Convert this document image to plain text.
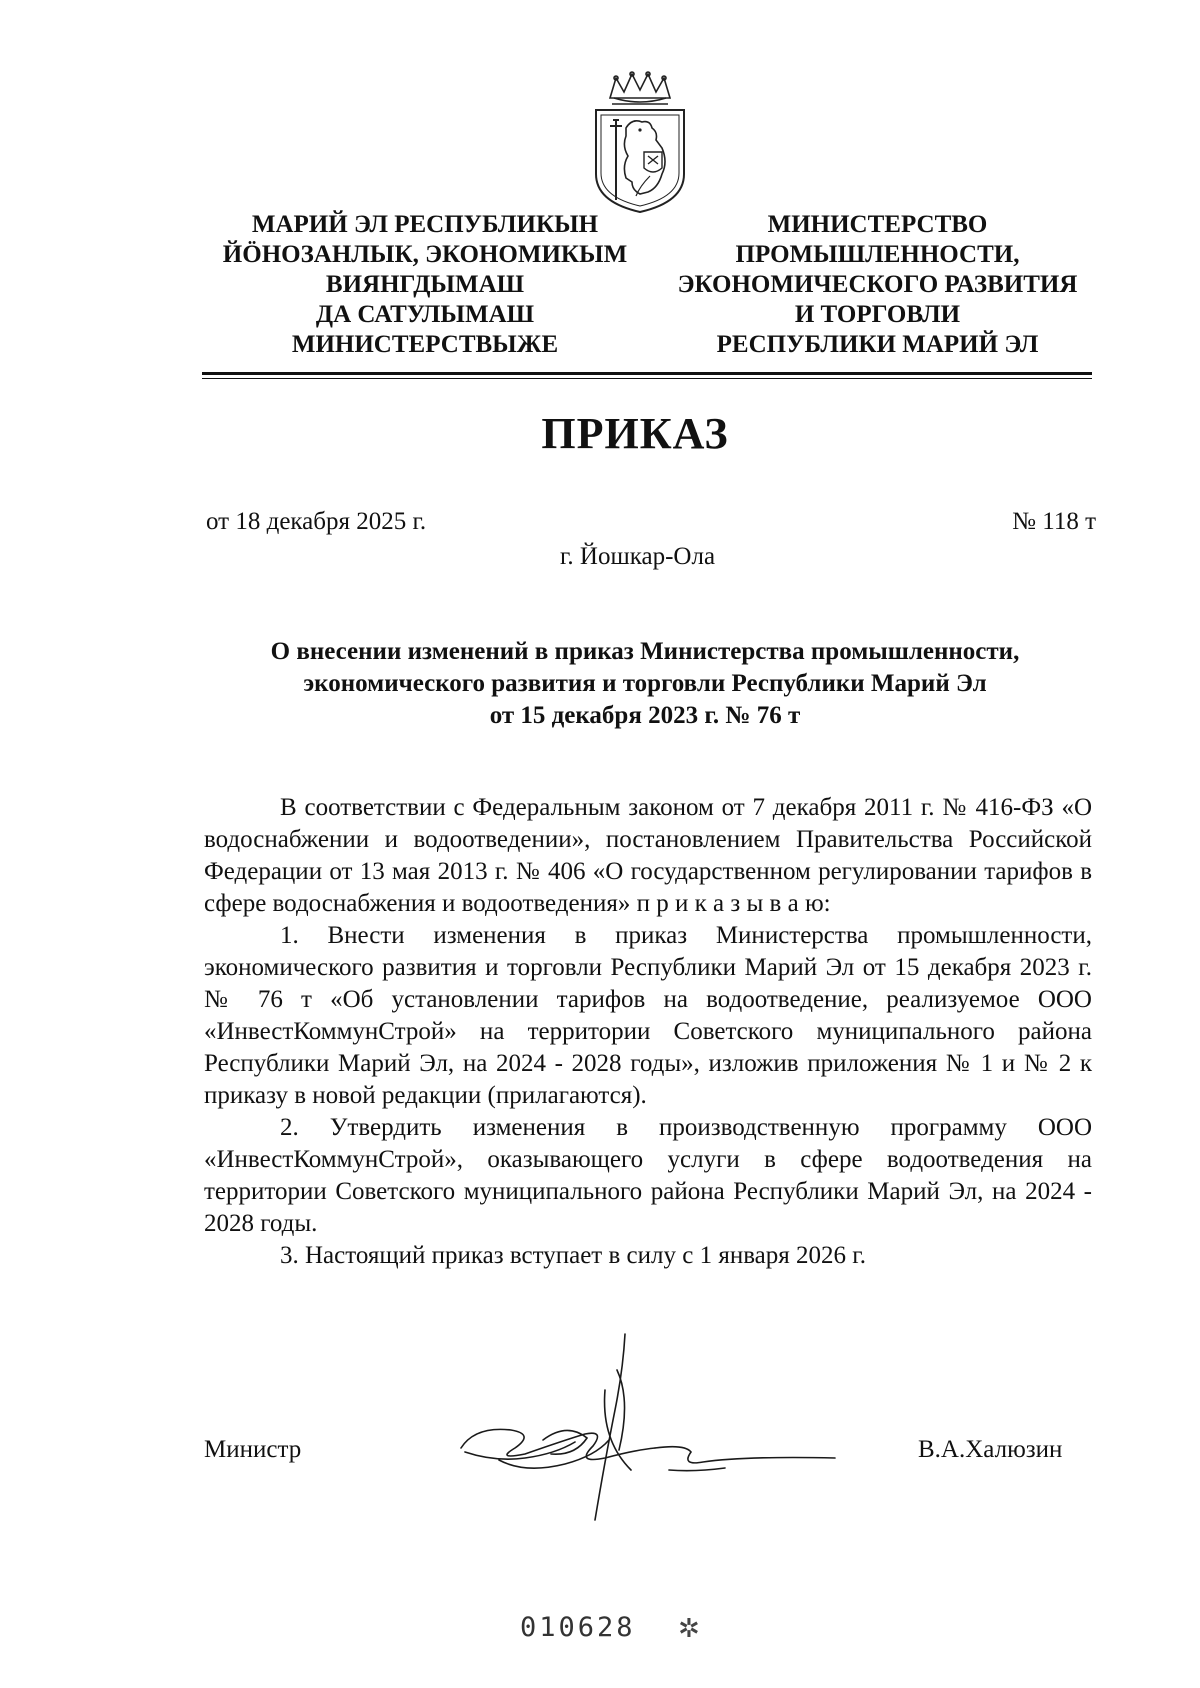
МАРИЙ ЭЛ РЕСПУБЛИКЫН
ЙÖНОЗАНЛЫК, ЭКОНОМИКЫМ
ВИЯНГДЫМАШ
ДА САТУЛЫМАШ
МИНИСТЕРСТВЫЖЕ
МИНИСТЕРСТВО
ПРОМЫШЛЕННОСТИ,
ЭКОНОМИЧЕСКОГО РАЗВИТИЯ
И ТОРГОВЛИ
РЕСПУБЛИКИ МАРИЙ ЭЛ
ПРИКАЗ
от 18 декабря 2025 г.	№ 118 т
г. Йошкар-Ола
О внесении изменений в приказ Министерства промышленности,
экономического развития и торговли Республики Марий Эл
от 15 декабря 2023 г. № 76 т

В соответствии с Федеральным законом от 7 декабря 2011 г. № 416-ФЗ «О водоснабжении и водоотведении», постановлением Правительства Российской Федерации от 13 мая 2013 г. № 406 «О государственном регулировании тарифов в сфере водоснабжения и водоотведения» п р и к а з ы в а ю:

1. Внести изменения в приказ Министерства промышленности, экономического развития и торговли Республики Марий Эл от 15 декабря 2023 г. № 76 т «Об установлении тарифов на водоотведение, реализуемое ООО «ИнвестКоммунСтрой» на территории Советского муниципального района Республики Марий Эл, на 2024 - 2028 годы», изложив приложения № 1 и № 2 к приказу в новой редакции (прилагаются).

2. Утвердить изменения в производственную программу ООО «ИнвестКоммунСтрой», оказывающего услуги в сфере водоотведения на территории Советского муниципального района Республики Марий Эл, на 2024 - 2028 годы.

3. Настоящий приказ вступает в силу с 1 января 2026 г.

Министр	В.А.Халюзин
010628 ✲
